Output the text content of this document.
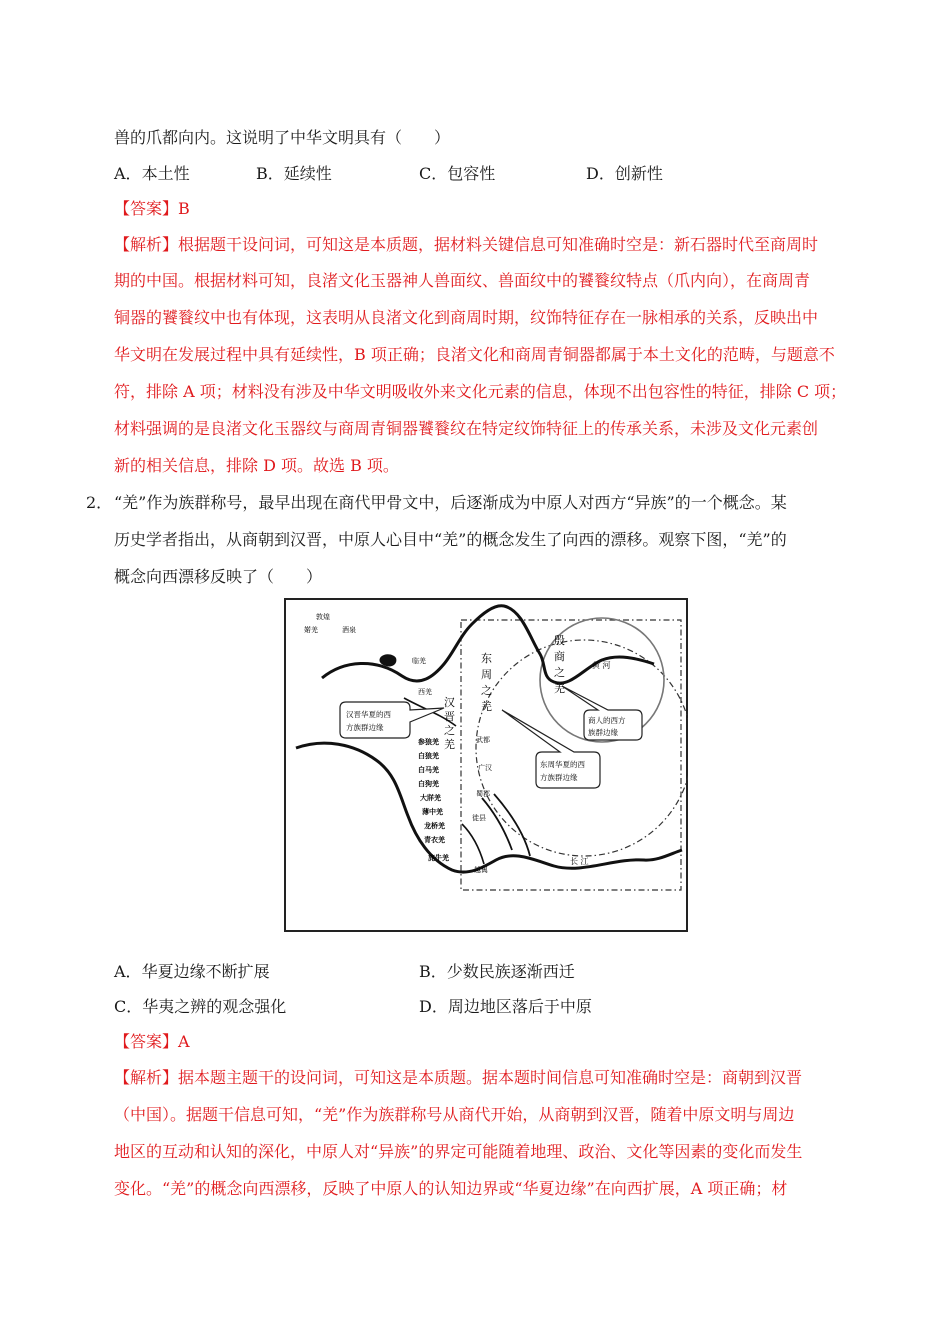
兽的爪都向内。这说明了中华文明具有（　　）
A．本土性	B．延续性	C．包容性	D．创新性
【答案】B
【解析】根据题干设问词，可知这是本质题，据材料关键信息可知准确时空是：新石器时代至商周时
期的中国。根据材料可知，良渚文化玉器神人兽面纹、兽面纹中的饕餮纹特点（爪内向），在商周青
铜器的饕餮纹中也有体现，这表明从良渚文化到商周时期，纹饰特征存在一脉相承的关系，反映出中
华文明在发展过程中具有延续性，B 项正确；良渚文化和商周青铜器都属于本土文化的范畴，与题意不
符，排除 A 项；材料没有涉及中华文明吸收外来文化元素的信息，体现不出包容性的特征，排除 C 项；
材料强调的是良渚文化玉器纹与商周青铜器饕餮纹在特定纹饰特征上的传承关系，未涉及文化元素创
新的相关信息，排除 D 项。故选 B 项。
2． “羌”作为族群称号，最早出现在商代甲骨文中，后逐渐成为中原人对西方“异族”的一个概念。某
历史学者指出，从商朝到汉晋，中原人心目中“羌”的概念发生了向西的漂移。观察下图，“羌”的
概念向西漂移反映了（　　）
敦煌
婼羌	酒泉
临羌
西羌
武都
广汉
蜀郡
徙县
越嶲
黄 河
长 江
参狼羌
白狼羌
白马羌
白狗羌
大牂羌
薄中羌
龙桥羌
青衣羌
旄牛羌
汉
晋
之
羌
东
周
之
羌
殷
商
之
羌
汉晋华夏的西
方族群边缘
东周华夏的西
方族群边缘
商人的西方
族群边缘
A．华夏边缘不断扩展	B．少数民族逐渐西迁
C．华夷之辨的观念强化	D．周边地区落后于中原
【答案】A
【解析】据本题主题干的设问词，可知这是本质题。据本题时间信息可知准确时空是：商朝到汉晋
（中国）。据题干信息可知，“羌”作为族群称号从商代开始，从商朝到汉晋，随着中原文明与周边
地区的互动和认知的深化，中原人对“异族”的界定可能随着地理、政治、文化等因素的变化而发生
变化。“羌”的概念向西漂移，反映了中原人的认知边界或“华夏边缘”在向西扩展，A 项正确；材
